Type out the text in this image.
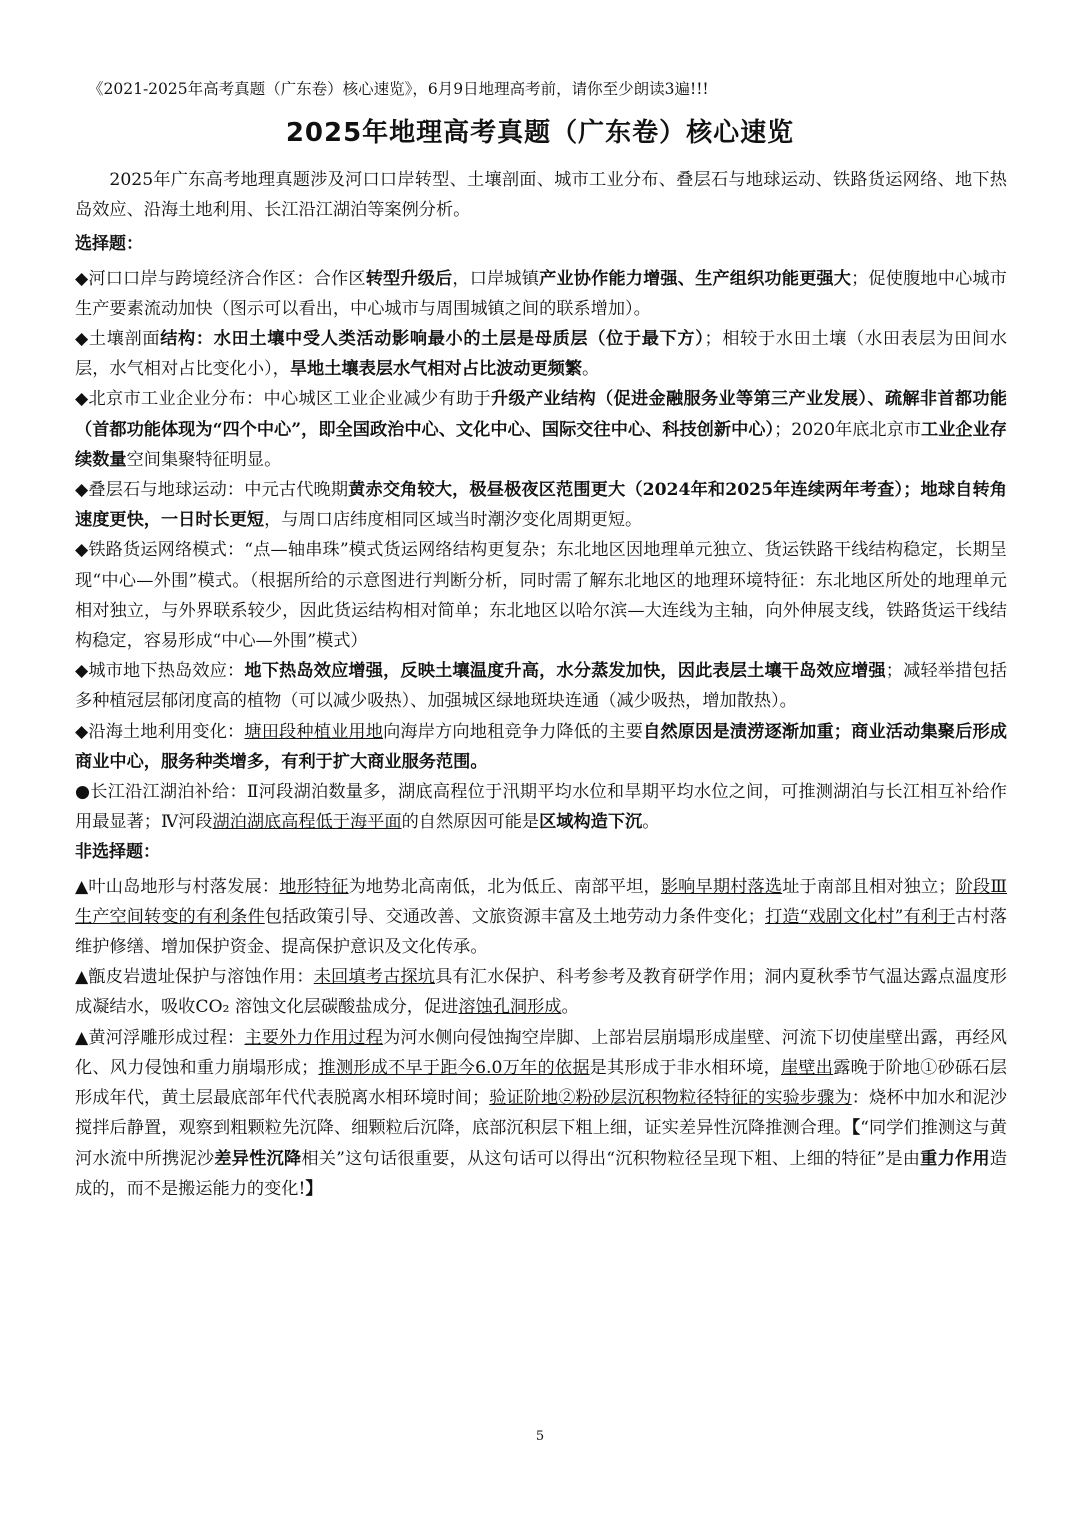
《2021-2025年高考真题（广东卷）核心速览》，6月9日地理高考前，请你至少朗读3遍!!!
2025年地理高考真题（广东卷）核心速览

2025年广东高考地理真题涉及河口口岸转型、土壤剖面、城市工业分布、叠层石与地球运动、铁路货运网络、地下热岛效应、沿海土地利用、长江沿江湖泊等案例分析。

选择题：

◆河口口岸与跨境经济合作区：合作区转型升级后，口岸城镇产业协作能力增强、生产组织功能更强大；促使腹地中心城市生产要素流动加快（图示可以看出，中心城市与周围城镇之间的联系增加）。

◆土壤剖面结构：水田土壤中受人类活动影响最小的土层是母质层（位于最下方）；相较于水田土壤（水田表层为田间水层，水气相对占比变化小），旱地土壤表层水气相对占比波动更频繁。

◆北京市工业企业分布：中心城区工业企业减少有助于升级产业结构（促进金融服务业等第三产业发展）、疏解非首都功能（首都功能体现为“四个中心”，即全国政治中心、文化中心、国际交往中心、科技创新中心）；2020年底北京市工业企业存续数量空间集聚特征明显。

◆叠层石与地球运动：中元古代晚期黄赤交角较大，极昼极夜区范围更大（2024年和2025年连续两年考查）；地球自转角速度更快，一日时长更短，与周口店纬度相同区域当时潮汐变化周期更短。

◆铁路货运网络模式：“点—轴串珠”模式货运网络结构更复杂；东北地区因地理单元独立、货运铁路干线结构稳定，长期呈现“中心—外围”模式。（根据所给的示意图进行判断分析，同时需了解东北地区的地理环境特征：东北地区所处的地理单元相对独立，与外界联系较少，因此货运结构相对简单；东北地区以哈尔滨—大连线为主轴，向外伸展支线，铁路货运干线结构稳定，容易形成“中心—外围”模式）

◆城市地下热岛效应：地下热岛效应增强，反映土壤温度升高，水分蒸发加快，因此表层土壤干岛效应增强；减轻举措包括多种植冠层郁闭度高的植物（可以减少吸热）、加强城区绿地斑块连通（减少吸热，增加散热）。

◆沿海土地利用变化：塘田段种植业用地向海岸方向地租竞争力降低的主要自然原因是渍涝逐渐加重；商业活动集聚后形成商业中心，服务种类增多，有利于扩大商业服务范围。

●长江沿江湖泊补给：Ⅱ河段湖泊数量多，湖底高程位于汛期平均水位和旱期平均水位之间，可推测湖泊与长江相互补给作用最显著；Ⅳ河段湖泊湖底高程低于海平面的自然原因可能是区域构造下沉。

非选择题：

▲叶山岛地形与村落发展：地形特征为地势北高南低，北为低丘、南部平坦，影响早期村落选址于南部且相对独立；阶段Ⅲ生产空间转变的有利条件包括政策引导、交通改善、文旅资源丰富及土地劳动力条件变化；打造“戏剧文化村”有利于古村落维护修缮、增加保护资金、提高保护意识及文化传承。

▲甑皮岩遗址保护与溶蚀作用：未回填考古探坑具有汇水保护、科考参考及教育研学作用；洞内夏秋季节气温达露点温度形成凝结水，吸收CO₂ 溶蚀文化层碳酸盐成分，促进溶蚀孔洞形成。

▲黄河浮雕形成过程：主要外力作用过程为河水侧向侵蚀掏空岸脚、上部岩层崩塌形成崖壁、河流下切使崖壁出露，再经风化、风力侵蚀和重力崩塌形成；推测形成不早于距今6.0万年的依据是其形成于非水相环境，崖壁出露晚于阶地①砂砾石层形成年代，黄土层最底部年代代表脱离水相环境时间；验证阶地②粉砂层沉积物粒径特征的实验步骤为：烧杯中加水和泥沙搅拌后静置，观察到粗颗粒先沉降、细颗粒后沉降，底部沉积层下粗上细，证实差异性沉降推测合理。【“同学们推测这与黄河水流中所携泥沙差异性沉降相关”这句话很重要，从这句话可以得出“沉积物粒径呈现下粗、上细的特征”是由重力作用造成的，而不是搬运能力的变化!】

5
